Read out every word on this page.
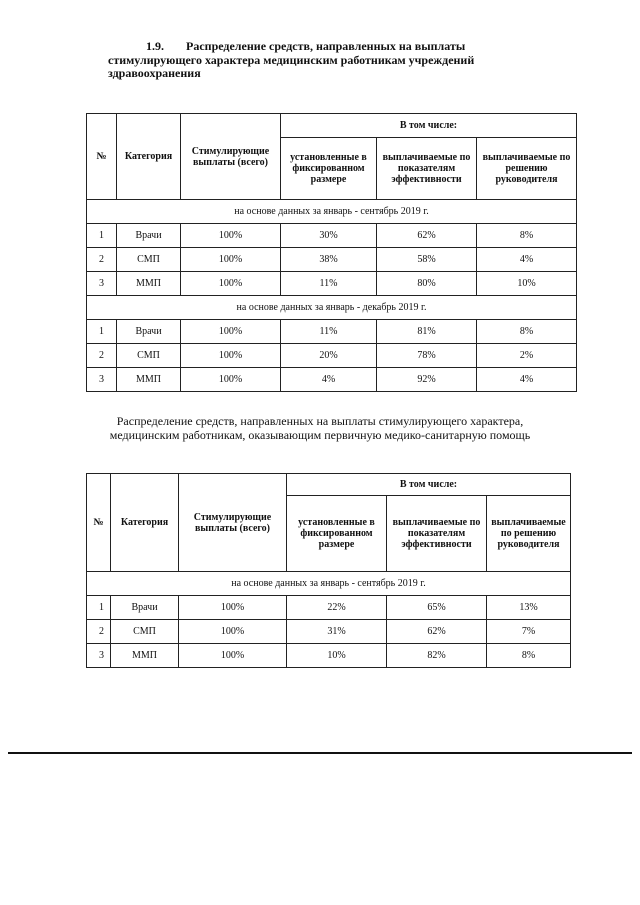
1.9. Распределение средств, направленных на выплаты стимулирующего характера медицинским работникам учреждений здравоохранения
№	Категория	Стимулирующие выплаты (всего)	В том числе:		
			установленные в фиксированном размере	выплачиваемые по показателям эффективности	выплачиваемые по решению руководителя
на основе данных за январь - сентябрь 2019 г.					
1	Врачи	100%	30%	62%	8%
2	СМП	100%	38%	58%	4%
3	ММП	100%	11%	80%	10%
на основе данных за январь - декабрь 2019 г.					
1	Врачи	100%	11%	81%	8%
2	СМП	100%	20%	78%	2%
3	ММП	100%	4%	92%	4%
Распределение средств, направленных на выплаты стимулирующего характера, медицинским работникам, оказывающим первичную медико-санитарную помощь
№	Категория	Стимулирующие выплаты (всего)	В том числе:		
			установленные в фиксированном размере	выплачиваемые по показателям эффективности	выплачиваемые по решению руководителя
на основе данных за январь - сентябрь 2019 г.					
1	Врачи	100%	22%	65%	13%
2	СМП	100%	31%	62%	7%
3	ММП	100%	10%	82%	8%
